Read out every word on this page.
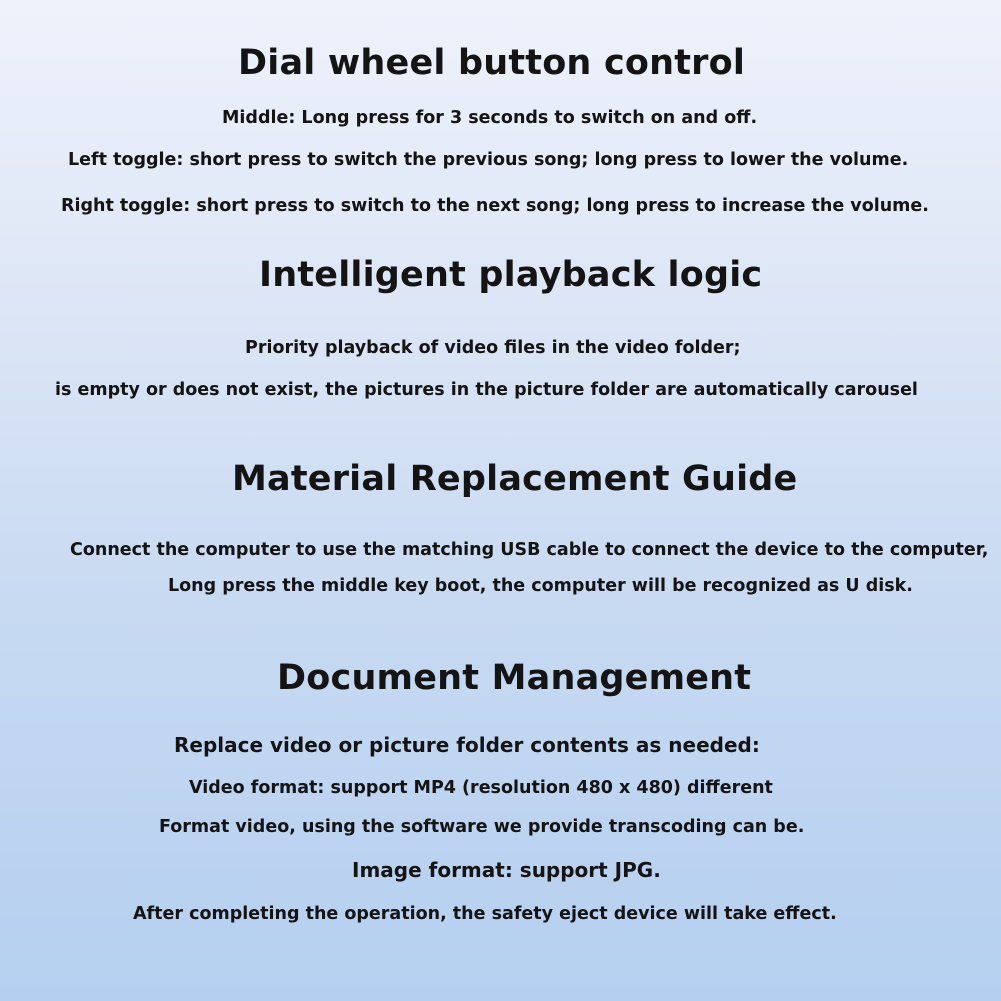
Dial wheel button control
Middle: Long press for 3 seconds to switch on and off.
Left toggle: short press to switch the previous song; long press to lower the volume.
Right toggle: short press to switch to the next song; long press to increase the volume.
Intelligent playback logic
Priority playback of video files in the video folder;
is empty or does not exist, the pictures in the picture folder are automatically carousel
Material Replacement Guide
Connect the computer to use the matching USB cable to connect the device to the computer,
Long press the middle key boot, the computer will be recognized as U disk.
Document Management
Replace video or picture folder contents as needed:
Video format: support MP4 (resolution 480 x 480) different
Format video, using the software we provide transcoding can be.
Image format: support JPG.
After completing the operation, the safety eject device will take effect.
